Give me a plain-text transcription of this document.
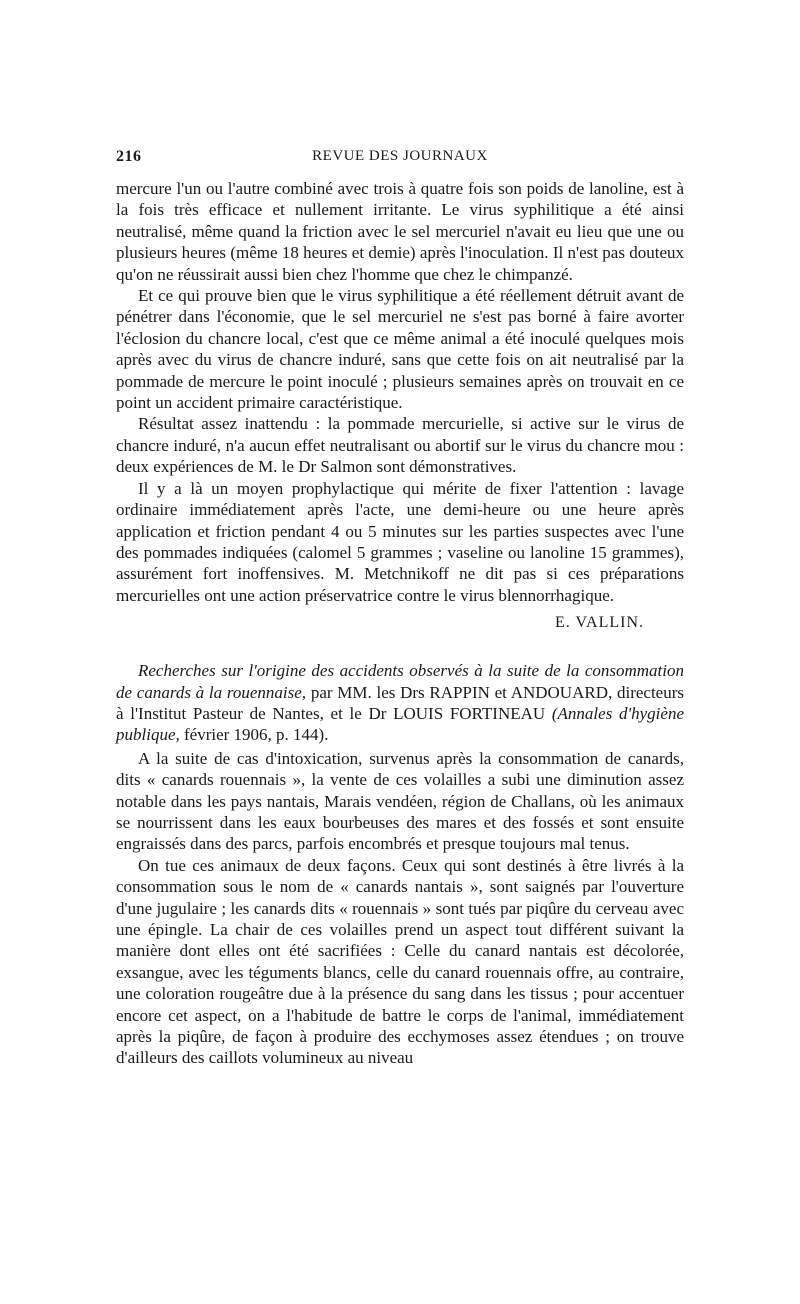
216	REVUE DES JOURNAUX

mercure l'un ou l'autre combiné avec trois à quatre fois son poids de lanoline, est à la fois très efficace et nullement irritante. Le virus syphilitique a été ainsi neutralisé, même quand la friction avec le sel mercuriel n'avait eu lieu que une ou plusieurs heures (même 18 heures et demie) après l'inoculation. Il n'est pas douteux qu'on ne réussirait aussi bien chez l'homme que chez le chimpanzé.

Et ce qui prouve bien que le virus syphilitique a été réellement détruit avant de pénétrer dans l'économie, que le sel mercuriel ne s'est pas borné à faire avorter l'éclosion du chancre local, c'est que ce même animal a été inoculé quelques mois après avec du virus de chancre induré, sans que cette fois on ait neutralisé par la pommade de mercure le point inoculé ; plusieurs semaines après on trouvait en ce point un accident primaire caractéristique.

Résultat assez inattendu : la pommade mercurielle, si active sur le virus de chancre induré, n'a aucun effet neutralisant ou abortif sur le virus du chancre mou : deux expériences de M. le Dr Salmon sont démonstratives.

Il y a là un moyen prophylactique qui mérite de fixer l'attention : lavage ordinaire immédiatement après l'acte, une demi-heure ou une heure après application et friction pendant 4 ou 5 minutes sur les parties suspectes avec l'une des pommades indiquées (calomel 5 grammes ; vaseline ou lanoline 15 grammes), assurément fort inoffensives. M. Metchnikoff ne dit pas si ces préparations mercurielles ont une action préservatrice contre le virus blennorrhagique.

E. VALLIN.

Recherches sur l'origine des accidents observés à la suite de la consommation de canards à la rouennaise, par MM. les Drs RAPPIN et ANDOUARD, directeurs à l'Institut Pasteur de Nantes, et le Dr LOUIS FORTINEAU (Annales d'hygiène publique, février 1906, p. 144).

A la suite de cas d'intoxication, survenus après la consommation de canards, dits « canards rouennais », la vente de ces volailles a subi une diminution assez notable dans les pays nantais, Marais vendéen, région de Challans, où les animaux se nourrissent dans les eaux bourbeuses des mares et des fossés et sont ensuite engraissés dans des parcs, parfois encombrés et presque toujours mal tenus.

On tue ces animaux de deux façons. Ceux qui sont destinés à être livrés à la consommation sous le nom de « canards nantais », sont saignés par l'ouverture d'une jugulaire ; les canards dits « rouennais » sont tués par piqûre du cerveau avec une épingle. La chair de ces volailles prend un aspect tout différent suivant la manière dont elles ont été sacrifiées : Celle du canard nantais est décolorée, exsangue, avec les téguments blancs, celle du canard rouennais offre, au contraire, une coloration rougeâtre due à la présence du sang dans les tissus ; pour accentuer encore cet aspect, on a l'habitude de battre le corps de l'animal, immédiatement après la piqûre, de façon à produire des ecchymoses assez étendues ; on trouve d'ailleurs des caillots volumineux au niveau
